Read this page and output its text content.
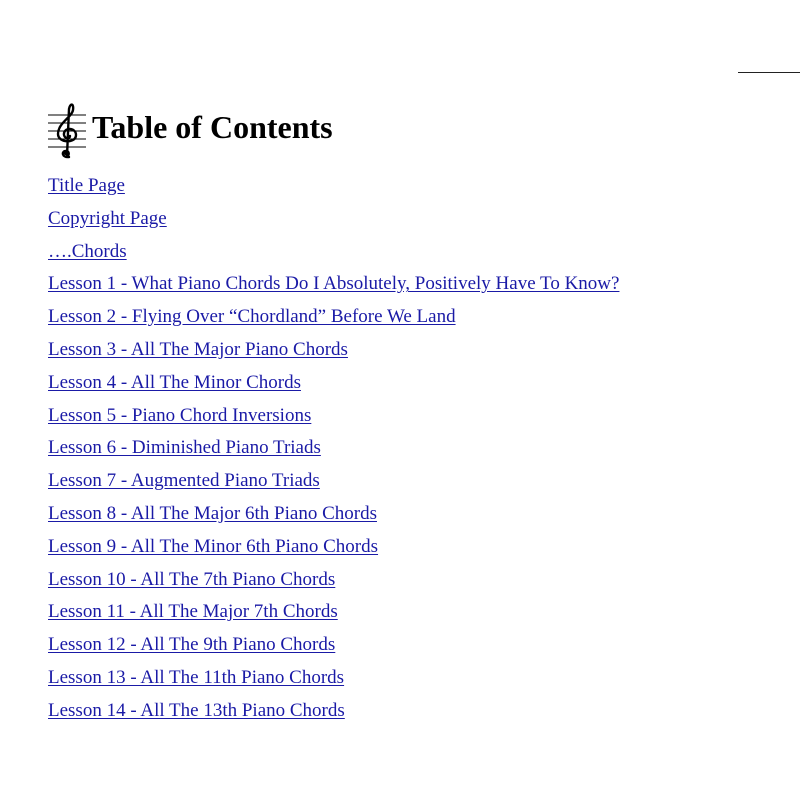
Table of Contents
Title Page
Copyright Page
….Chords
Lesson 1 - What Piano Chords Do I Absolutely, Positively Have To Know?
Lesson 2 - Flying Over “Chordland” Before We Land
Lesson 3 - All The Major Piano Chords
Lesson 4 - All The Minor Chords
Lesson 5 - Piano Chord Inversions
Lesson 6 - Diminished Piano Triads
Lesson 7 - Augmented Piano Triads
Lesson 8 - All The Major 6th Piano Chords
Lesson 9 - All The Minor 6th Piano Chords
Lesson 10 - All The 7th Piano Chords
Lesson 11 - All The Major 7th Chords
Lesson 12 - All The 9th Piano Chords
Lesson 13 - All The 11th Piano Chords
Lesson 14 - All The 13th Piano Chords
